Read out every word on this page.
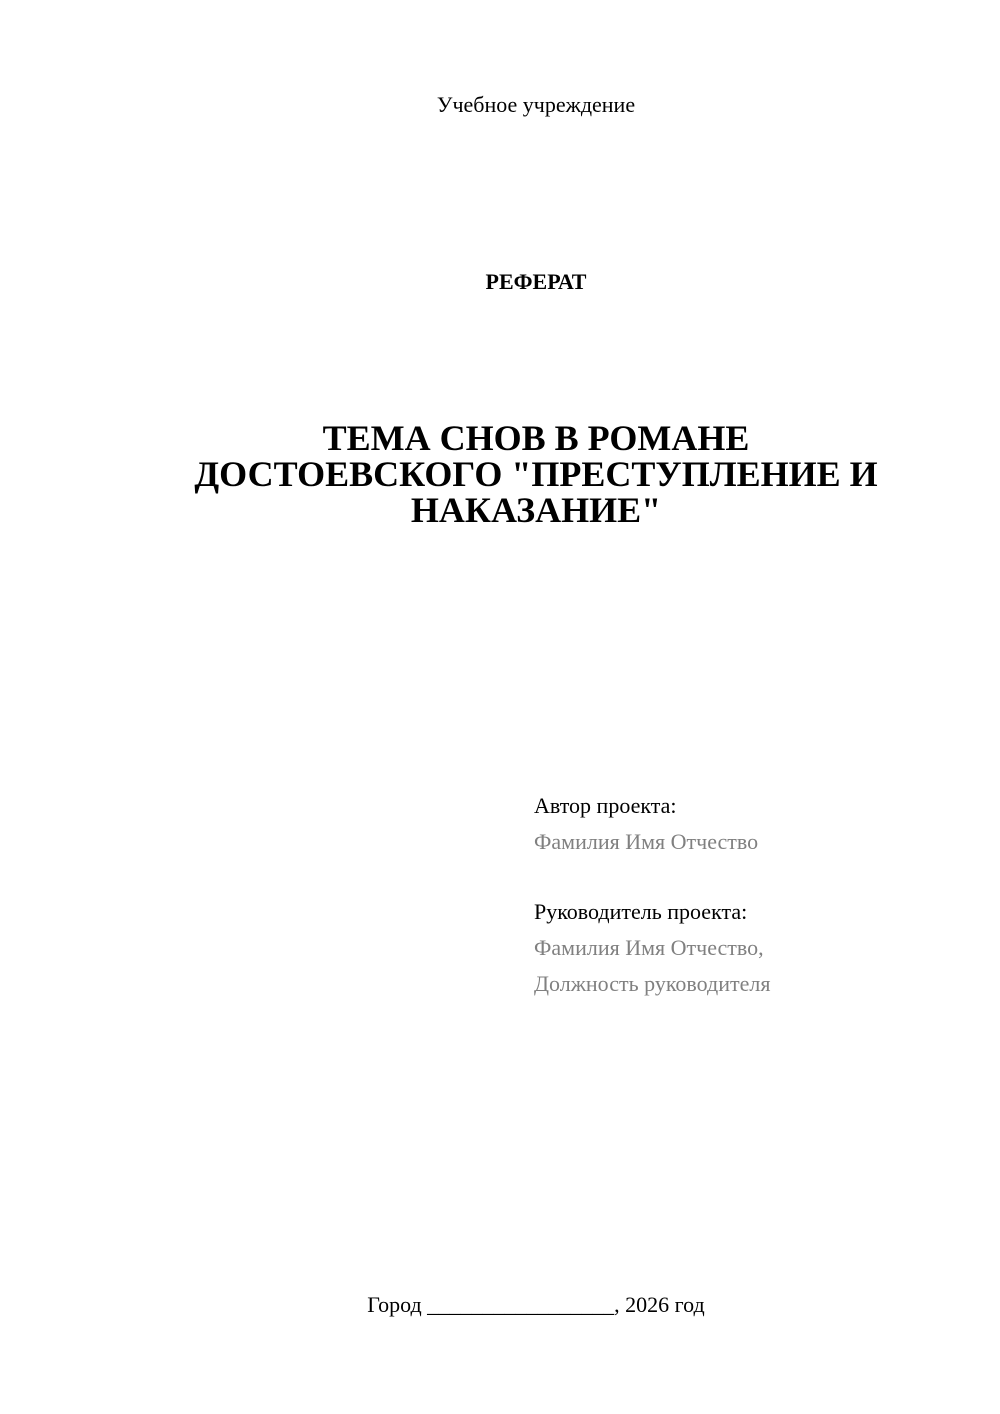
Учебное учреждение
РЕФЕРАТ
ТЕМА СНОВ В РОМАНЕ
ДОСТОЕВСКОГО "ПРЕСТУПЛЕНИЕ И
НАКАЗАНИЕ"
Автор проекта:
Фамилия Имя Отчество
Руководитель проекта:
Фамилия Имя Отчество,
Должность руководителя
Город _________________, 2026 год
